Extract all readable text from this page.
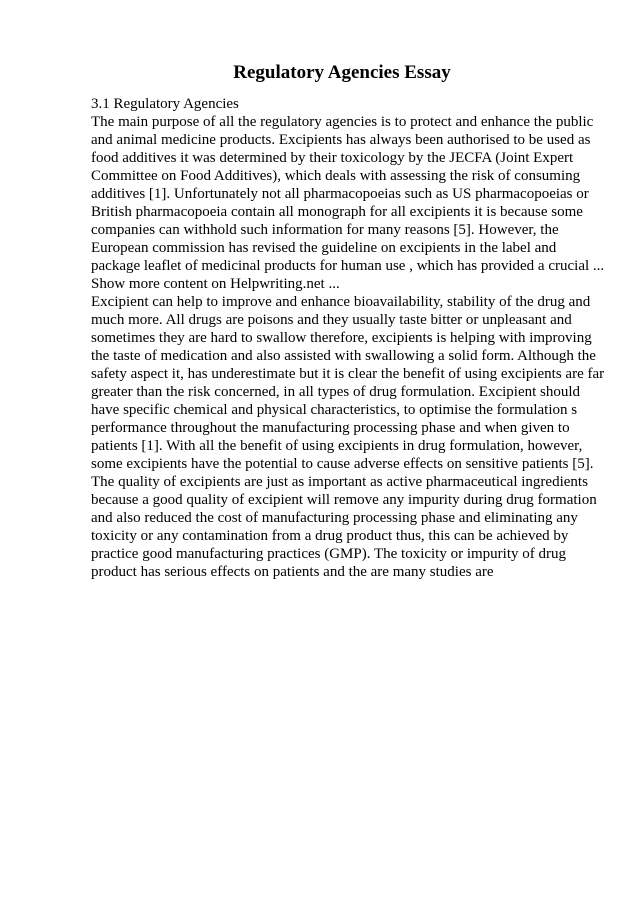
Regulatory Agencies Essay
3.1 Regulatory Agencies
The main purpose of all the regulatory agencies is to protect and enhance the public
and animal medicine products. Excipients has always been authorised to be used as
food additives it was determined by their toxicology by the JECFA (Joint Expert
Committee on Food Additives), which deals with assessing the risk of consuming
additives [1]. Unfortunately not all pharmacopoeias such as US pharmacopoeias or
British pharmacopoeia contain all monograph for all excipients it is because some
companies can withhold such information for many reasons [5]. However, the
European commission has revised the guideline on excipients in the label and
package leaflet of medicinal products for human use , which has provided a crucial ...
Show more content on Helpwriting.net ...
Excipient can help to improve and enhance bioavailability, stability of the drug and
much more. All drugs are poisons and they usually taste bitter or unpleasant and
sometimes they are hard to swallow therefore, excipients is helping with improving
the taste of medication and also assisted with swallowing a solid form. Although the
safety aspect it, has underestimate but it is clear the benefit of using excipients are far
greater than the risk concerned, in all types of drug formulation. Excipient should
have specific chemical and physical characteristics, to optimise the formulation s
performance throughout the manufacturing processing phase and when given to
patients [1]. With all the benefit of using excipients in drug formulation, however,
some excipients have the potential to cause adverse effects on sensitive patients [5].
The quality of excipients are just as important as active pharmaceutical ingredients
because a good quality of excipient will remove any impurity during drug formation
and also reduced the cost of manufacturing processing phase and eliminating any
toxicity or any contamination from a drug product thus, this can be achieved by
practice good manufacturing practices (GMP). The toxicity or impurity of drug
product has serious effects on patients and the are many studies are
